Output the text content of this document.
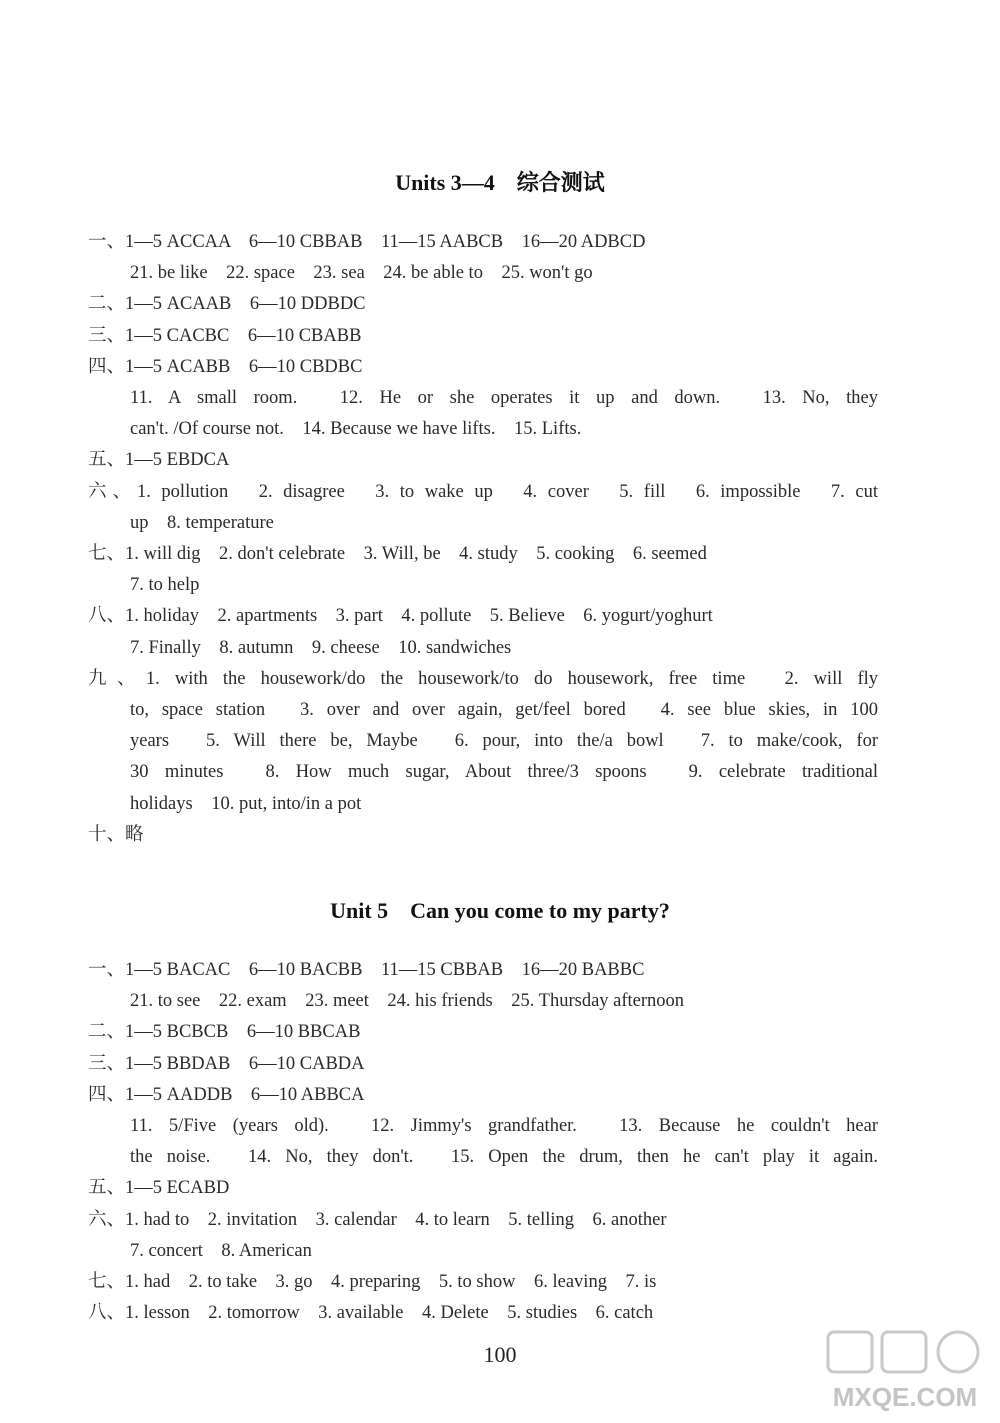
Units 3—4　综合测试
一、1—5 ACCAA　6—10 CBBAB　11—15 AABCB　16—20 ADBCD
21. be like　22. space　23. sea　24. be able to　25. won't go
二、1—5 ACAAB　6—10 DDBDC
三、1—5 CACBC　6—10 CBABB
四、1—5 ACABB　6—10 CBDBC
11. A small room.　12. He or she operates it up and down.　13. No, they
can't. /Of course not.　14. Because we have lifts.　15. Lifts.
五、1—5 EBDCA
六、1. pollution　2. disagree　3. to wake up　4. cover　5. fill　6. impossible　7. cut
up　8. temperature
七、1. will dig　2. don't celebrate　3. Will, be　4. study　5. cooking　6. seemed
7. to help
八、1. holiday　2. apartments　3. part　4. pollute　5. Believe　6. yogurt/yoghurt
7. Finally　8. autumn　9. cheese　10. sandwiches
九、1. with the housework/do the housework/to do housework, free time　2. will fly
to, space station　3. over and over again, get/feel bored　4. see blue skies, in 100
years　5. Will there be, Maybe　6. pour, into the/a bowl　7. to make/cook, for
30 minutes　8. How much sugar, About three/3 spoons　9. celebrate traditional
holidays　10. put, into/in a pot
十、略
Unit 5　Can you come to my party?
一、1—5 BACAC　6—10 BACBB　11—15 CBBAB　16—20 BABBC
21. to see　22. exam　23. meet　24. his friends　25. Thursday afternoon
二、1—5 BCBCB　6—10 BBCAB
三、1—5 BBDAB　6—10 CABDA
四、1—5 AADDB　6—10 ABBCA
11. 5/Five (years old).　12. Jimmy's grandfather.　13. Because he couldn't hear
the noise.　14. No, they don't.　15. Open the drum, then he can't play it again.
五、1—5 ECABD
六、1. had to　2. invitation　3. calendar　4. to learn　5. telling　6. another
7. concert　8. American
七、1. had　2. to take　3. go　4. preparing　5. to show　6. leaving　7. is
八、1. lesson　2. tomorrow　3. available　4. Delete　5. studies　6. catch
100
MXQE.COM
